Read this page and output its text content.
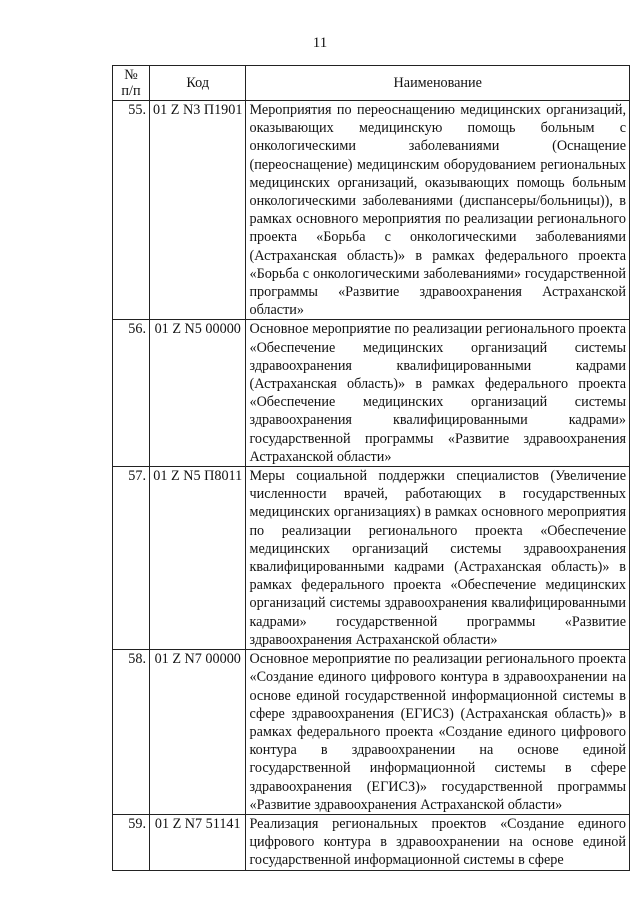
11
№
п/п	Код	Наименование
55.	01 Z N3 П1901	Мероприятия по переоснащению медицинских организаций, оказывающих медицинскую помощь больным с онкологическими заболеваниями (Оснащение (переоснащение) медицинским оборудованием региональных медицинских организаций, оказывающих помощь больным онкологическими заболеваниями (диспансеры/больницы)), в рамках основного мероприятия по реализации регионального проекта «Борьба с онкологическими заболеваниями (Астраханская область)» в рамках федерального проекта «Борьба с онкологическими заболеваниями» государственной программы «Развитие здравоохранения Астраханской области»
56.	01 Z N5 00000	Основное мероприятие по реализации регионального проекта «Обеспечение медицинских организаций системы здравоохранения квалифицированными кадрами (Астраханская область)» в рамках федерального проекта «Обеспечение медицинских организаций системы здравоохранения квалифицированными кадрами» государственной программы «Развитие здравоохранения Астраханской области»
57.	01 Z N5 П8011	Меры социальной поддержки специалистов (Увеличение численности врачей, работающих в государственных медицинских организациях) в рамках основного мероприятия по реализации регионального проекта «Обеспечение медицинских организаций системы здравоохранения квалифицированными кадрами (Астраханская область)» в рамках федерального проекта «Обеспечение медицинских организаций системы здравоохранения квалифицированными кадрами» государственной программы «Развитие здравоохранения Астраханской области»
58.	01 Z N7 00000	Основное мероприятие по реализации регионального проекта «Создание единого цифрового контура в здравоохранении на основе единой государственной информационной системы в сфере здравоохранения (ЕГИСЗ) (Астраханская область)» в рамках федерального проекта «Создание единого цифрового контура в здравоохранении на основе единой государственной информационной системы в сфере здравоохранения (ЕГИСЗ)» государственной программы «Развитие здравоохранения Астраханской области»
59.	01 Z N7 51141	Реализация региональных проектов «Создание единого цифрового контура в здравоохранении на основе единой государственной информационной системы в сфере
